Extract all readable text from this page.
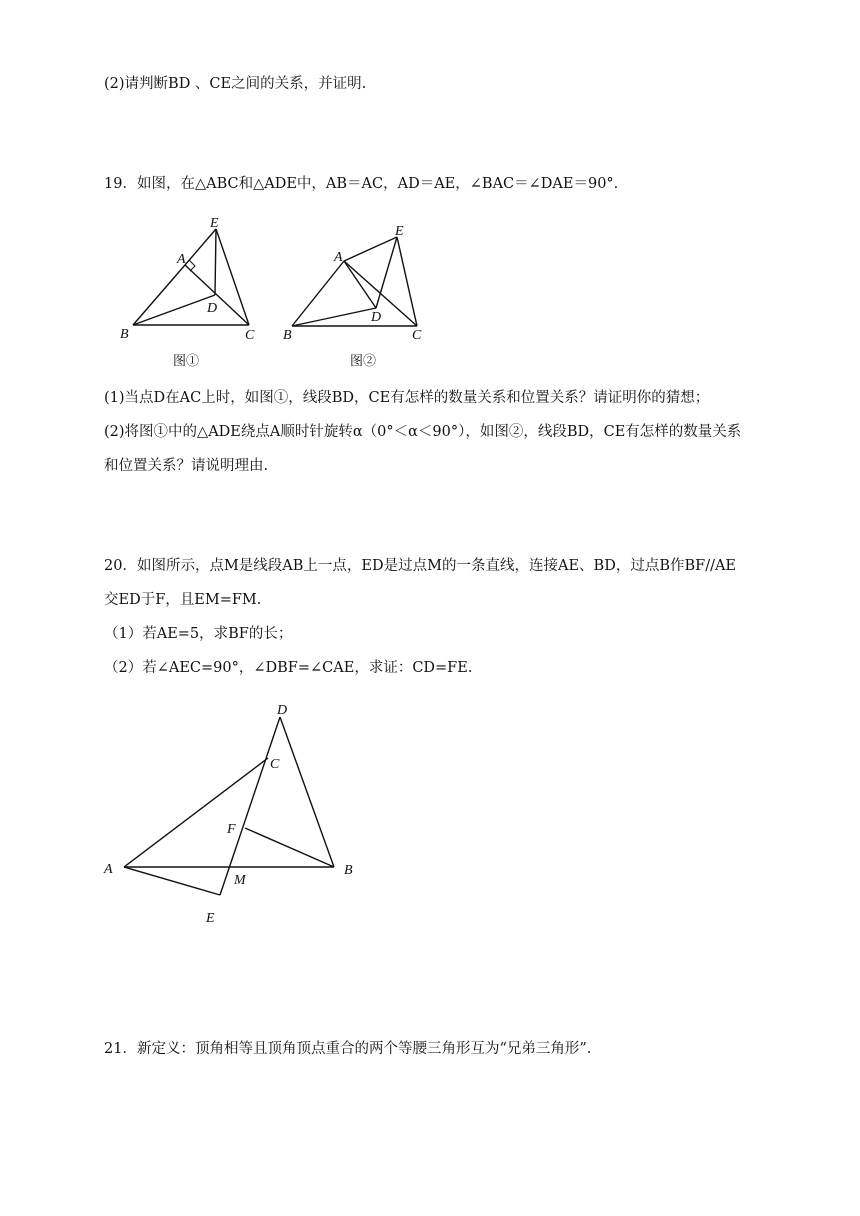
(2)请判断BD 、CE之间的关系，并证明.
19．如图，在△ABC和△ADE中，AB＝AC，AD＝AE，∠BAC＝∠DAE＝90°.
E
A
D
B	C
图①
A
E
D
B	C
图②
(1)当点D在AC上时，如图①，线段BD，CE有怎样的数量关系和位置关系？请证明你的猜想；
(2)将图①中的△ADE绕点A顺时针旋转α（0°＜α＜90°），如图②，线段BD，CE有怎样的数量关系
和位置关系？请说明理由.
20．如图所示，点M是线段AB上一点，ED是过点M的一条直线，连接AE、BD，过点B作BF//AE
交ED于F，且EM=FM.
（1）若AE=5，求BF的长；
（2）若∠AEC=90°，∠DBF=∠CAE，求证：CD=FE.
D
C
F
A
M
B
E
21．新定义：顶角相等且顶角顶点重合的两个等腰三角形互为“兄弟三角形”.
